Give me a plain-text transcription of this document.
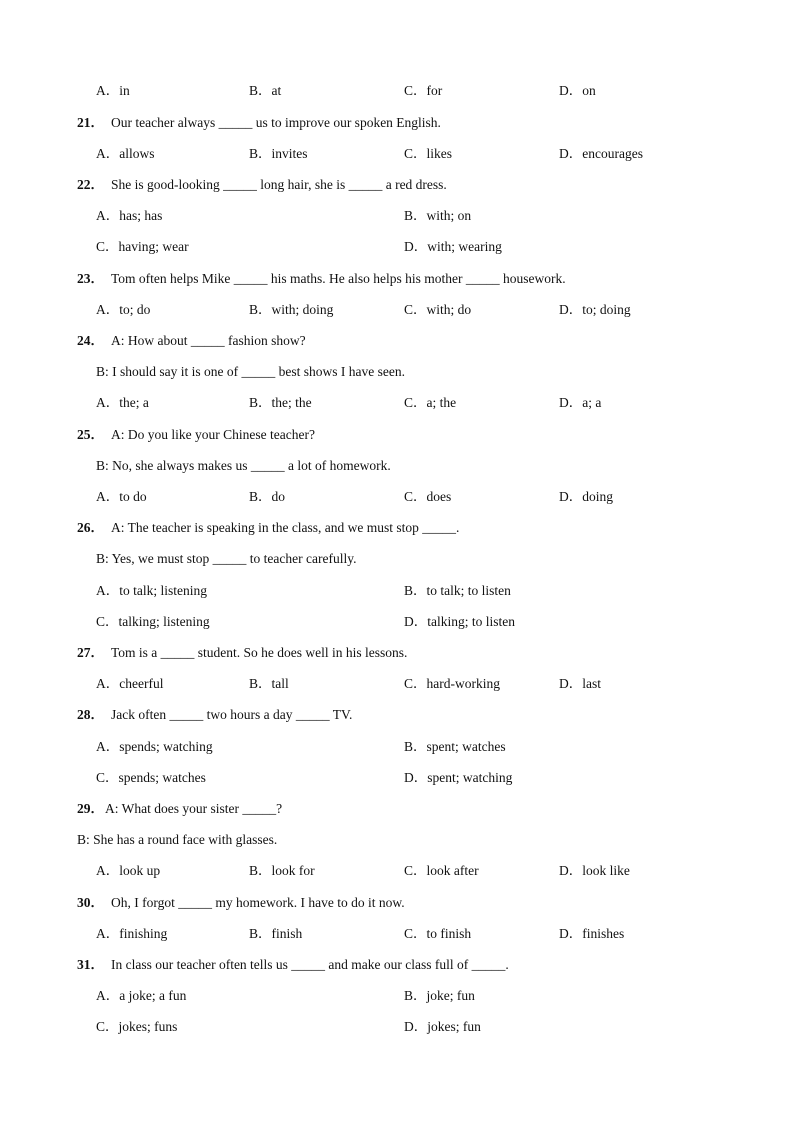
A．in	B．at	C．for	D．on
21． Our teacher always _____ us to improve our spoken English.
A．allows	B．invites	C．likes	D．encourages
22． She is good-looking _____ long hair, she is _____ a red dress.
A．has; has	B．with; on
C．having; wear	D．with; wearing
23． Tom often helps Mike _____ his maths. He also helps his mother _____ housework.
A．to; do	B．with; doing	C．with; do	D．to; doing
24． A: How about _____ fashion show?
B: I should say it is one of _____ best shows I have seen.
A．the; a	B．the; the	C．a; the	D．a; a
25． A: Do you like your Chinese teacher?
B: No, she always makes us _____ a lot of homework.
A．to do	B．do	C．does	D．doing
26． A: The teacher is speaking in the class, and we must stop _____.
B: Yes, we must stop _____ to teacher carefully.
A．to talk; listening	B．to talk; to listen
C．talking; listening	D．talking; to listen
27． Tom is a _____ student. So he does well in his lessons.
A．cheerful	B．tall	C．hard-working	D．last
28． Jack often _____ two hours a day _____ TV.
A．spends; watching	B．spent; watches
C．spends; watches	D．spent; watching
29．A: What does your sister _____?
B: She has a round face with glasses.
A．look up	B．look for	C．look after	D．look like
30． Oh, I forgot _____ my homework. I have to do it now.
A．finishing	B．finish	C．to finish	D．finishes
31． In class our teacher often tells us _____ and make our class full of _____.
A．a joke; a fun	B．joke; fun
C．jokes; funs	D．jokes; fun
